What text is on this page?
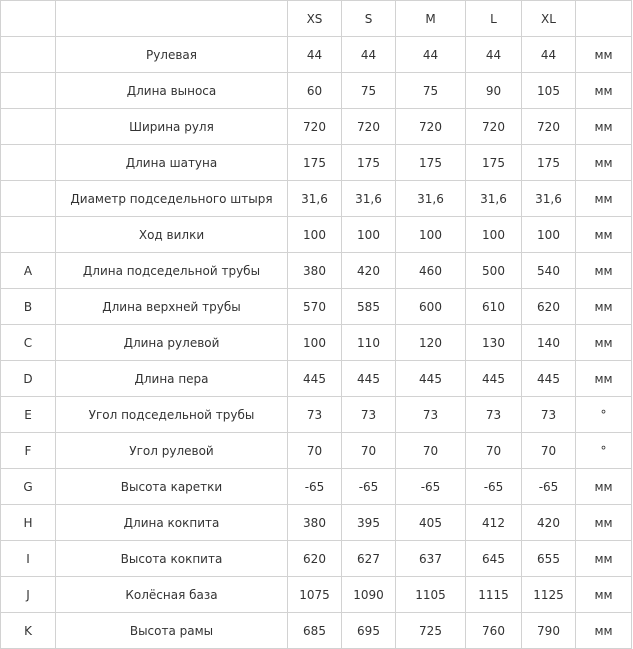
		XS	S	M	L	XL	
	Рулевая	44	44	44	44	44	мм
	Длина выноса	60	75	75	90	105	мм
	Ширина руля	720	720	720	720	720	мм
	Длина шатуна	175	175	175	175	175	мм
	Диаметр подседельного штыря	31,6	31,6	31,6	31,6	31,6	мм
	Ход вилки	100	100	100	100	100	мм
A	Длина подседельной трубы	380	420	460	500	540	мм
B	Длина верхней трубы	570	585	600	610	620	мм
C	Длина рулевой	100	110	120	130	140	мм
D	Длина пера	445	445	445	445	445	мм
E	Угол подседельной трубы	73	73	73	73	73	°
F	Угол рулевой	70	70	70	70	70	°
G	Высота каретки	-65	-65	-65	-65	-65	мм
H	Длина кокпита	380	395	405	412	420	мм
I	Высота кокпита	620	627	637	645	655	мм
J	Колёсная база	1075	1090	1105	1115	1125	мм
K	Высота рамы	685	695	725	760	790	мм
